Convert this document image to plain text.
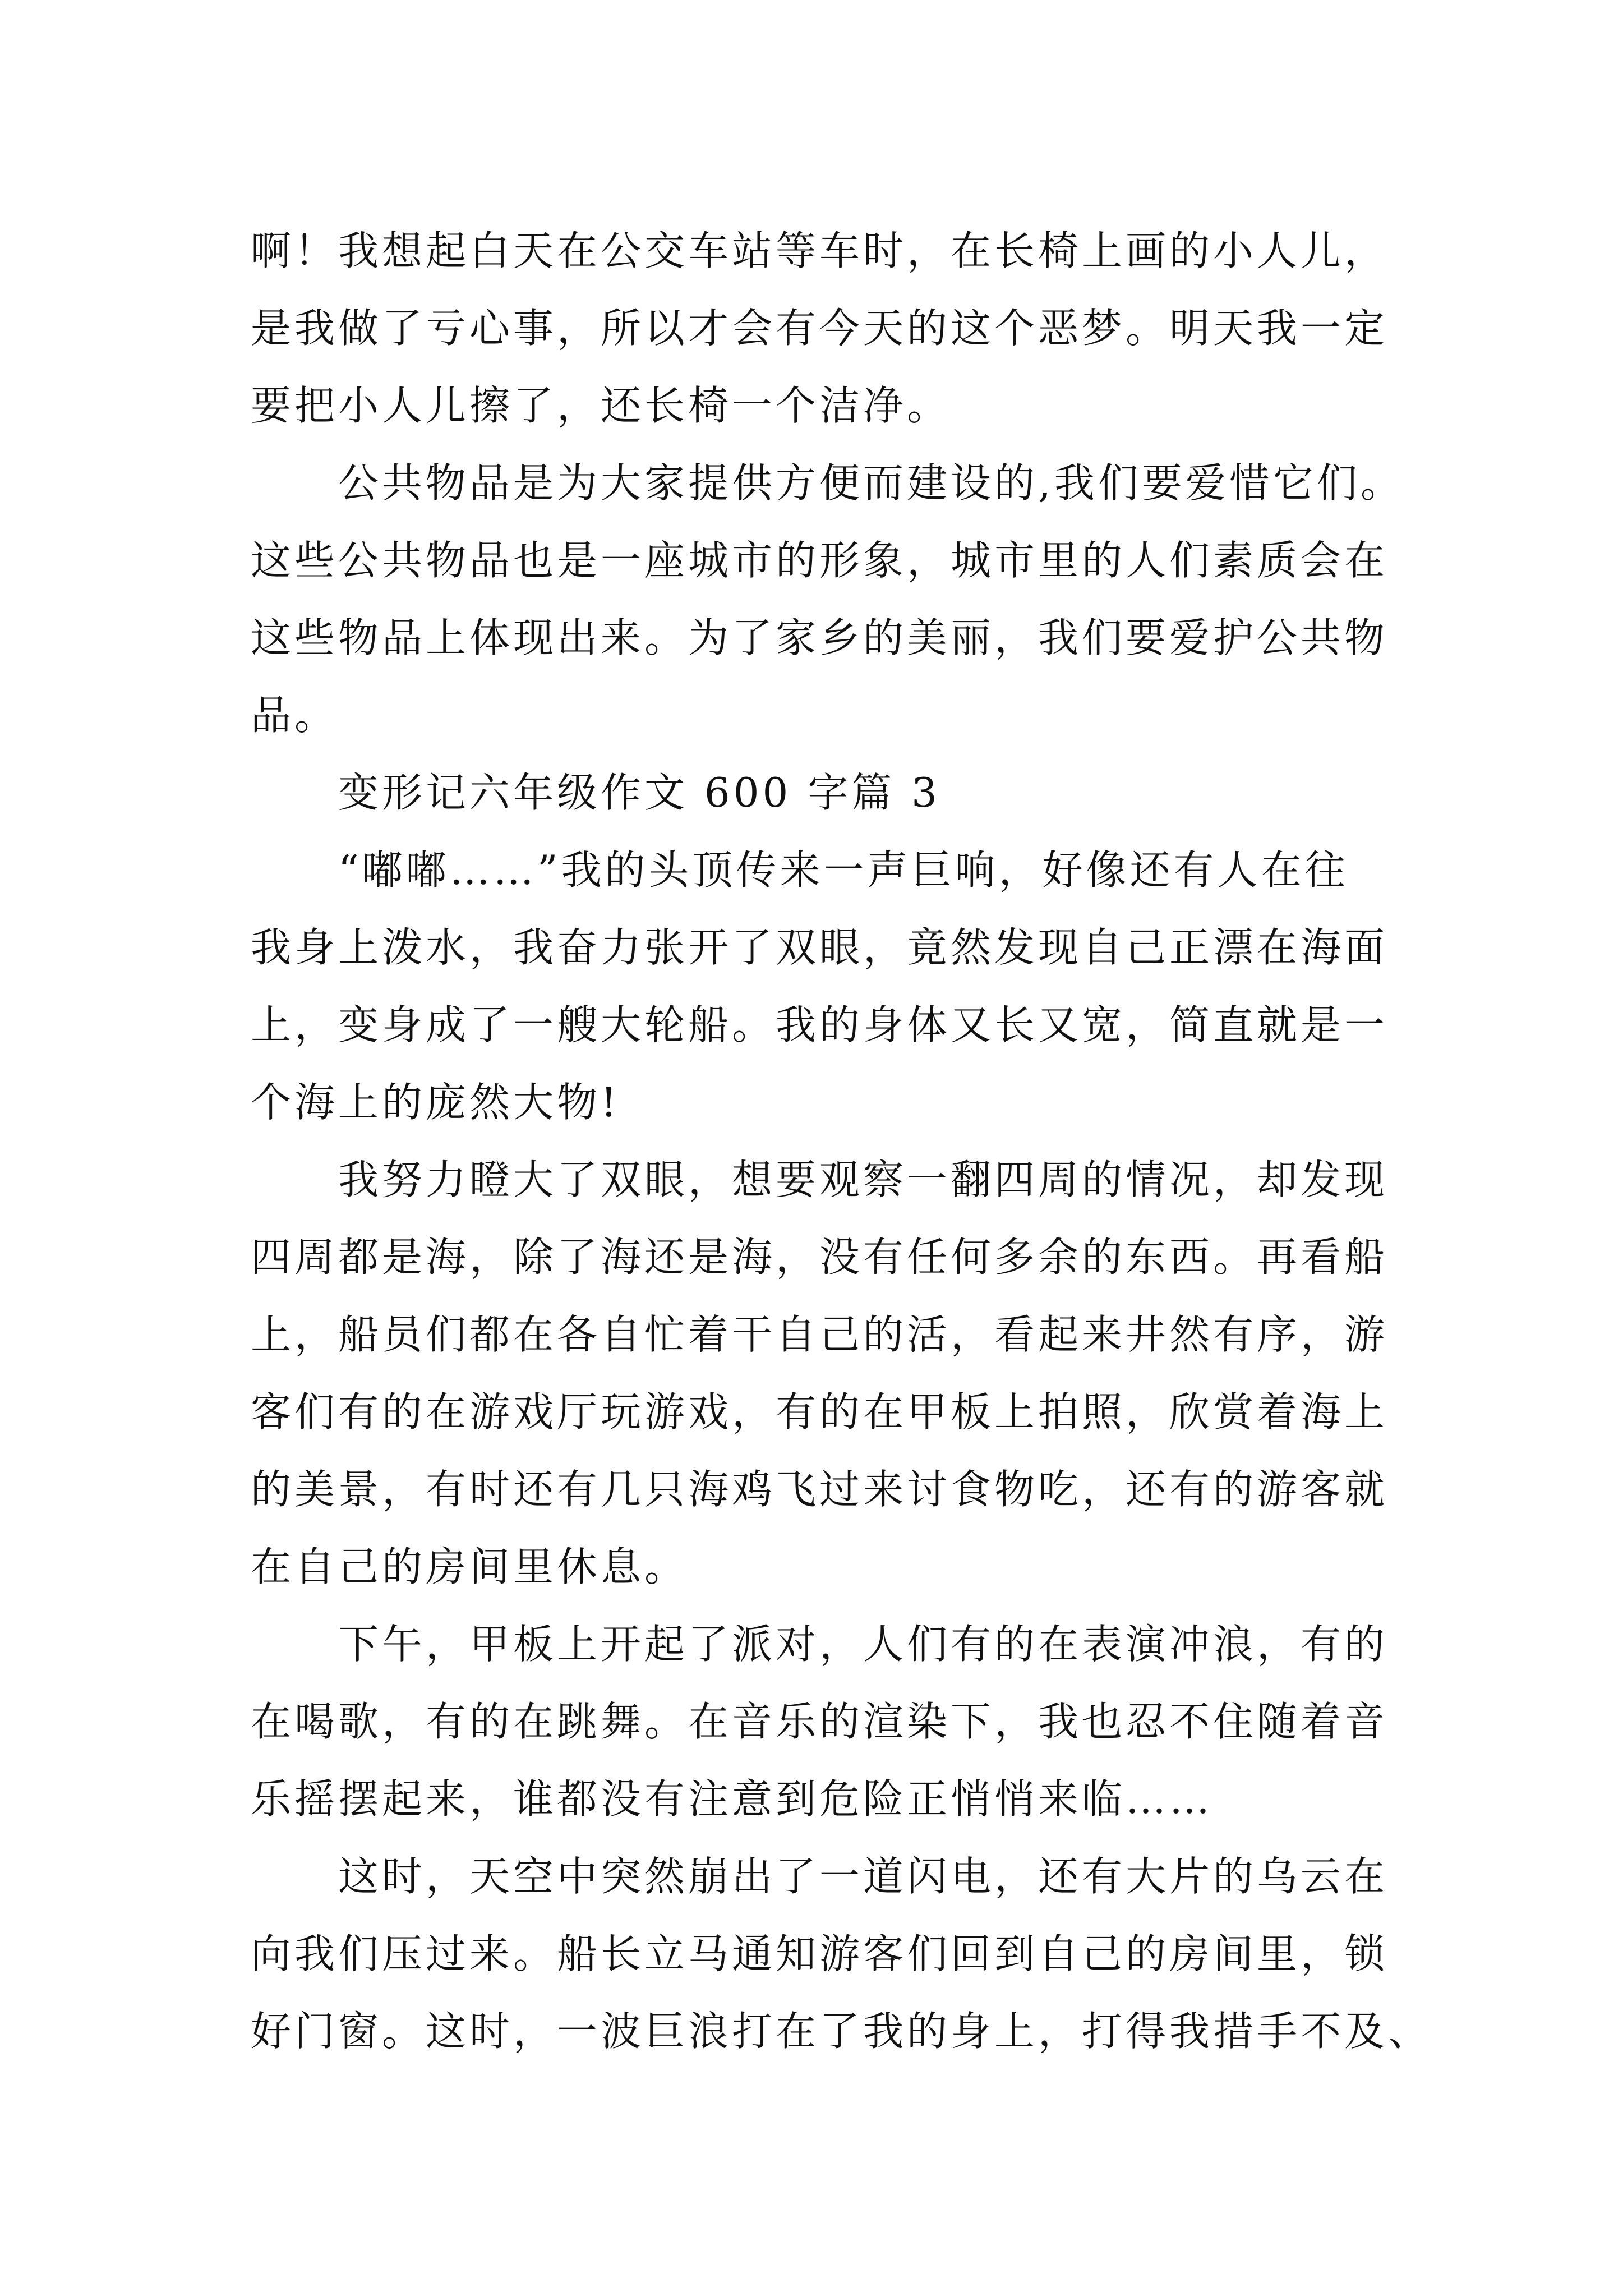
啊！我想起白天在公交车站等车时，在长椅上画的小人儿，
是我做了亏心事，所以才会有今天的这个恶梦。明天我一定
要把小人儿擦了，还长椅一个洁净。
公共物品是为大家提供方便而建设的,我们要爱惜它们。
这些公共物品也是一座城市的形象，城市里的人们素质会在
这些物品上体现出来。为了家乡的美丽，我们要爱护公共物
品。
变形记六年级作文 600 字篇 3
“嘟嘟……”我的头顶传来一声巨响，好像还有人在往
我身上泼水，我奋力张开了双眼，竟然发现自己正漂在海面
上，变身成了一艘大轮船。我的身体又长又宽，简直就是一
个海上的庞然大物!
我努力瞪大了双眼，想要观察一翻四周的情况，却发现
四周都是海，除了海还是海，没有任何多余的东西。再看船
上，船员们都在各自忙着干自己的活，看起来井然有序，游
客们有的在游戏厅玩游戏，有的在甲板上拍照，欣赏着海上
的美景，有时还有几只海鸡飞过来讨食物吃，还有的游客就
在自己的房间里休息。
下午，甲板上开起了派对，人们有的在表演冲浪，有的
在喝歌，有的在跳舞。在音乐的渲染下，我也忍不住随着音
乐摇摆起来，谁都没有注意到危险正悄悄来临……
这时，天空中突然崩出了一道闪电，还有大片的乌云在
向我们压过来。船长立马通知游客们回到自己的房间里，锁
好门窗。这时，一波巨浪打在了我的身上，打得我措手不及、
